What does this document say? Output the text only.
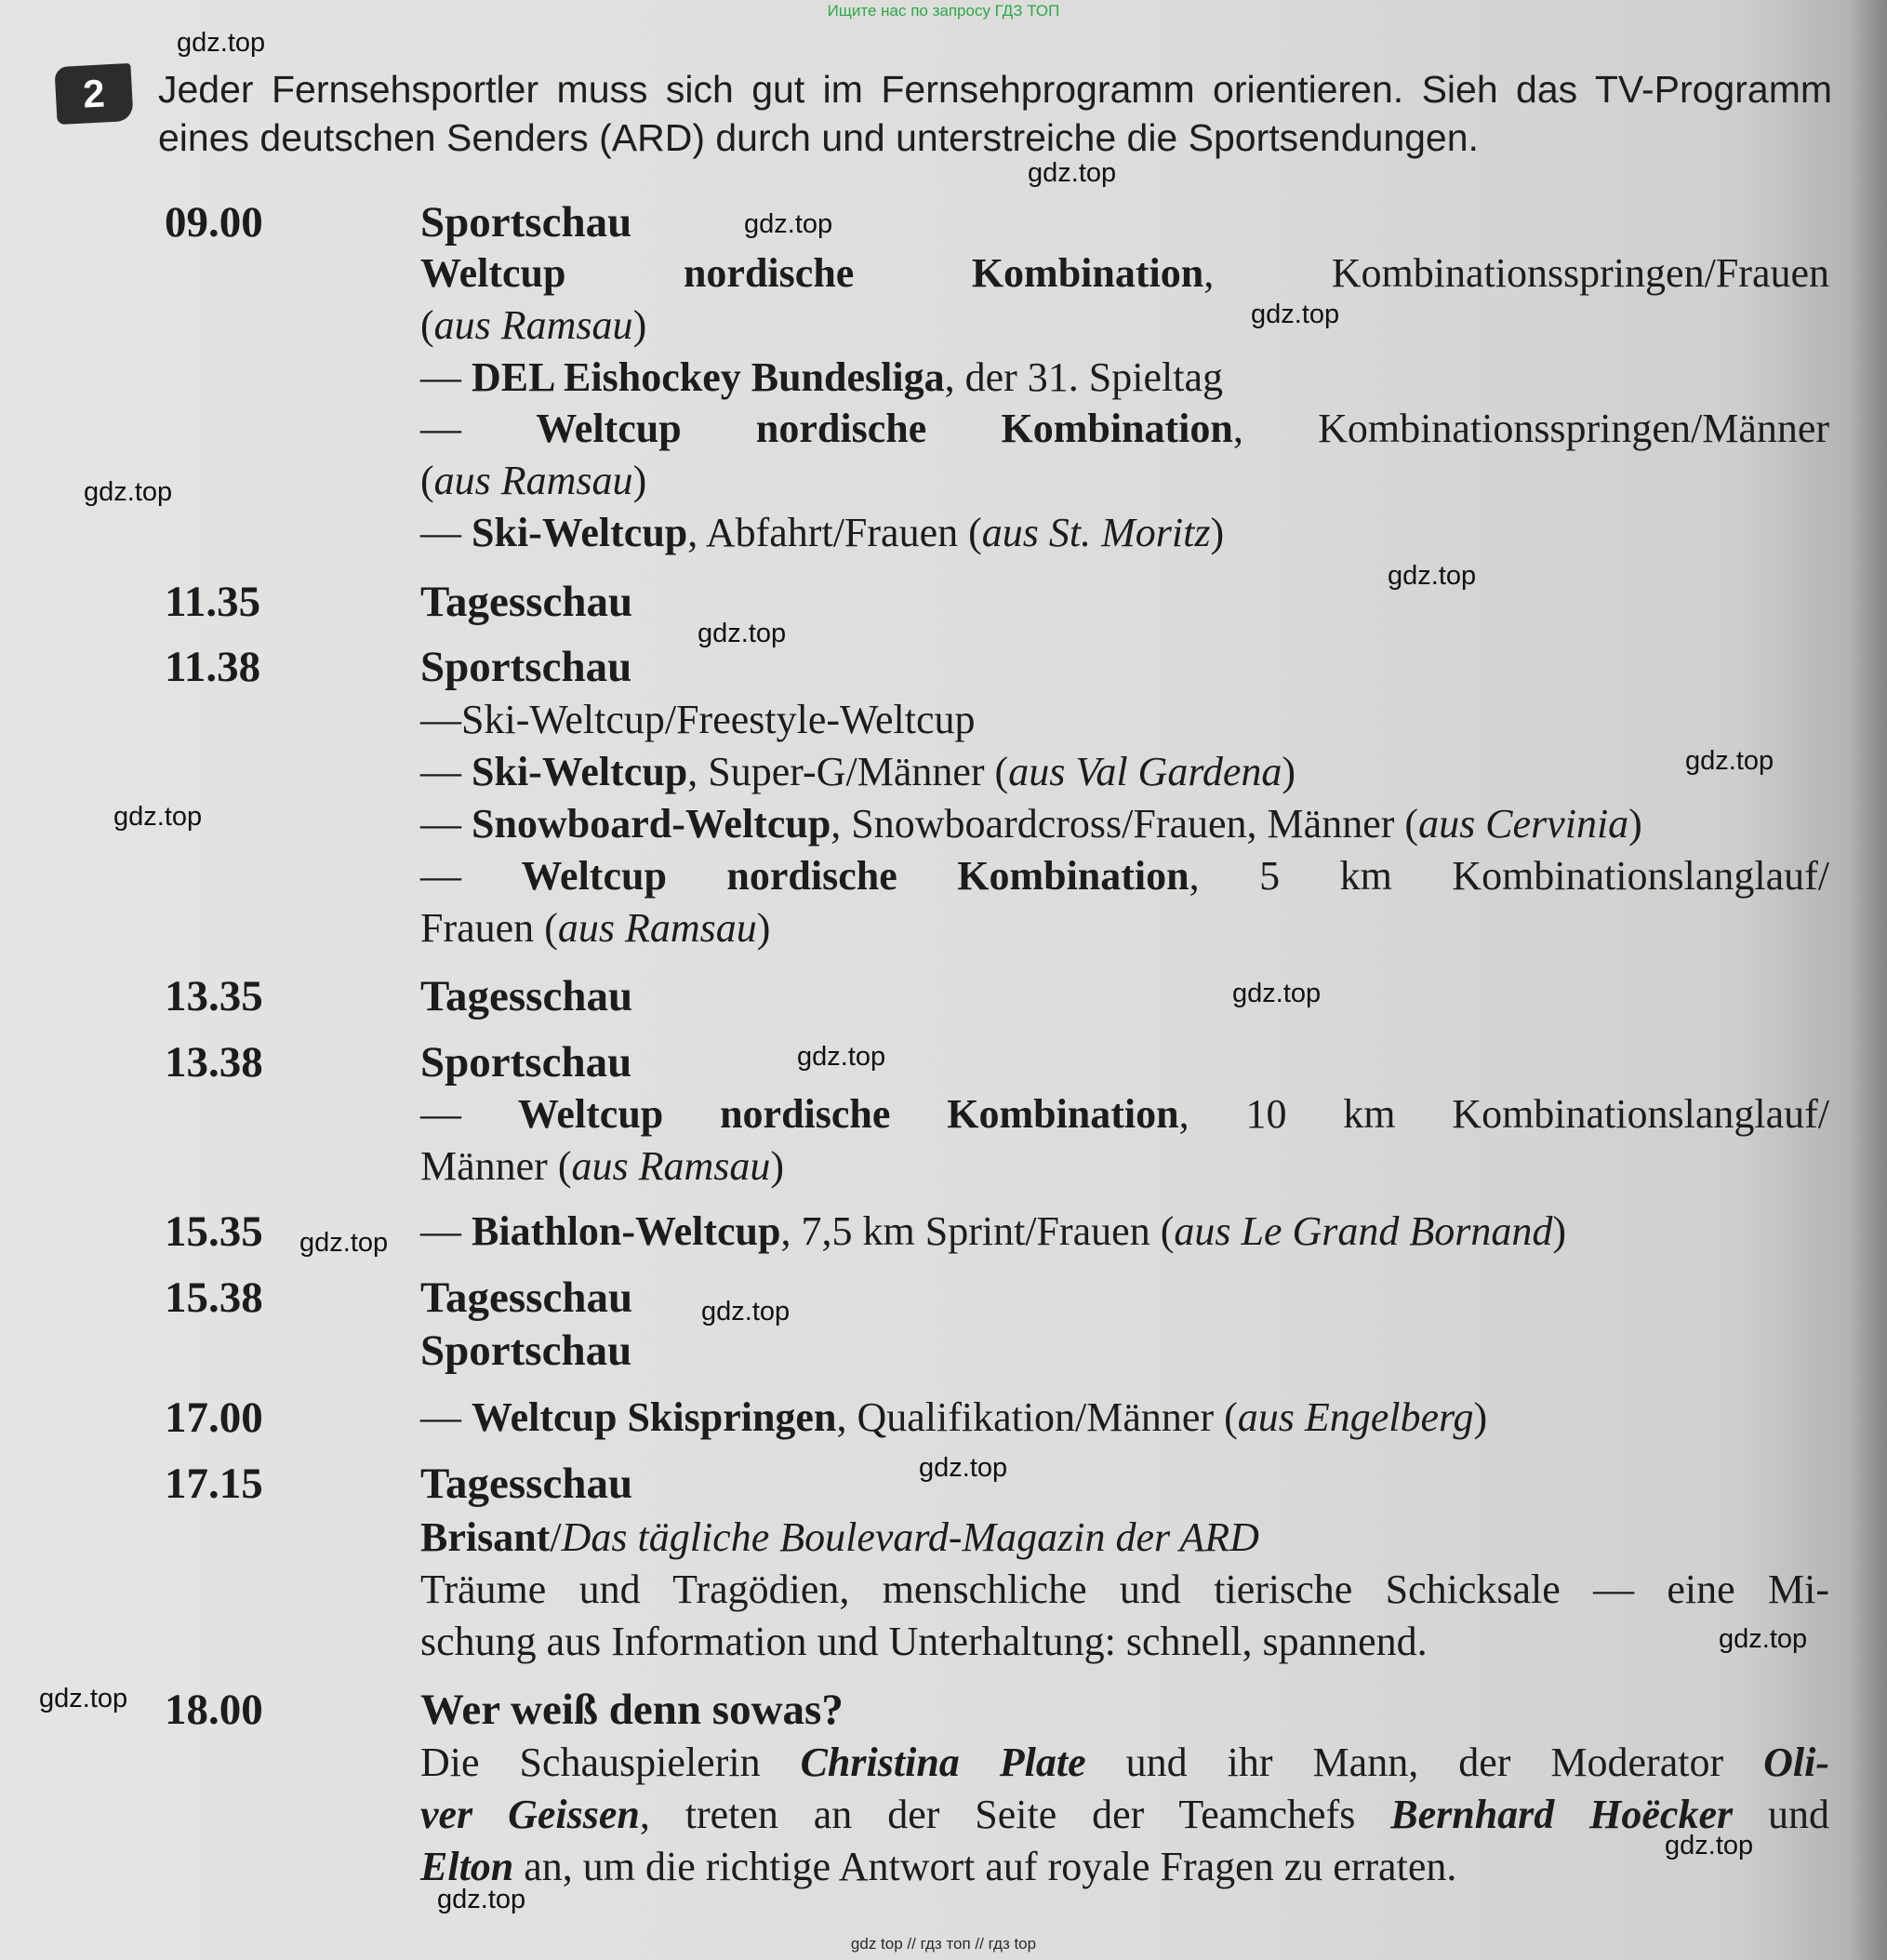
Ищите нас по запросу ГДЗ ТОП
2 Jeder Fernsehsportler muss sich gut im Fernsehprogramm orientieren. Sieh das TV-Programm eines deutschen Senders (ARD) durch und unterstreiche die Sportsendungen.
09.00	Sportschau
Weltcup nordische Kombination,	Kombinationsspringen/Frauen
(aus Ramsau)
— DEL Eishockey Bundesliga, der 31. Spieltag
— Weltcup nordische Kombination, Kombinationsspringen/Männer
(aus Ramsau)
— Ski-Weltcup, Abfahrt/Frauen (aus St. Moritz)
11.35	Tagesschau
11.38	Sportschau
—Ski-Weltcup/Freestyle-Weltcup
— Ski-Weltcup, Super-G/Männer (aus Val Gardena)
— Snowboard-Weltcup, Snowboardcross/Frauen, Männer (aus Cervinia)
— Weltcup nordische Kombination, 5 km Kombinationslanglauf/
Frauen (aus Ramsau)
13.35	Tagesschau
13.38	Sportschau
— Weltcup nordische Kombination, 10 km Kombinationslanglauf/
Männer (aus Ramsau)
15.35	— Biathlon-Weltcup, 7,5 km Sprint/Frauen (aus Le Grand Bornand)
15.38	Tagesschau
Sportschau
17.00	— Weltcup Skispringen, Qualifikation/Männer (aus Engelberg)
17.15	Tagesschau
Brisant/Das tägliche Boulevard-Magazin der ARD
Träume und Tragödien, menschliche und tierische Schicksale — eine Mi-
schung aus Information und Unterhaltung: schnell, spannend.
18.00	Wer weiß denn sowas?
Die Schauspielerin Christina Plate und ihr Mann, der Moderator Oli-
ver Geissen, treten an der Seite der Teamchefs Bernhard Hoëcker und
Elton an, um die richtige Antwort auf royale Fragen zu erraten.
gdz.top
gdz.top
gdz.top
gdz.top
gdz.top
gdz.top
gdz.top
gdz.top
gdz.top
gdz.top
gdz.top
gdz.top
gdz.top
gdz.top
gdz.top
gdz.top
gdz.top
gdz.top
gdz top // гдз топ // гдз top
